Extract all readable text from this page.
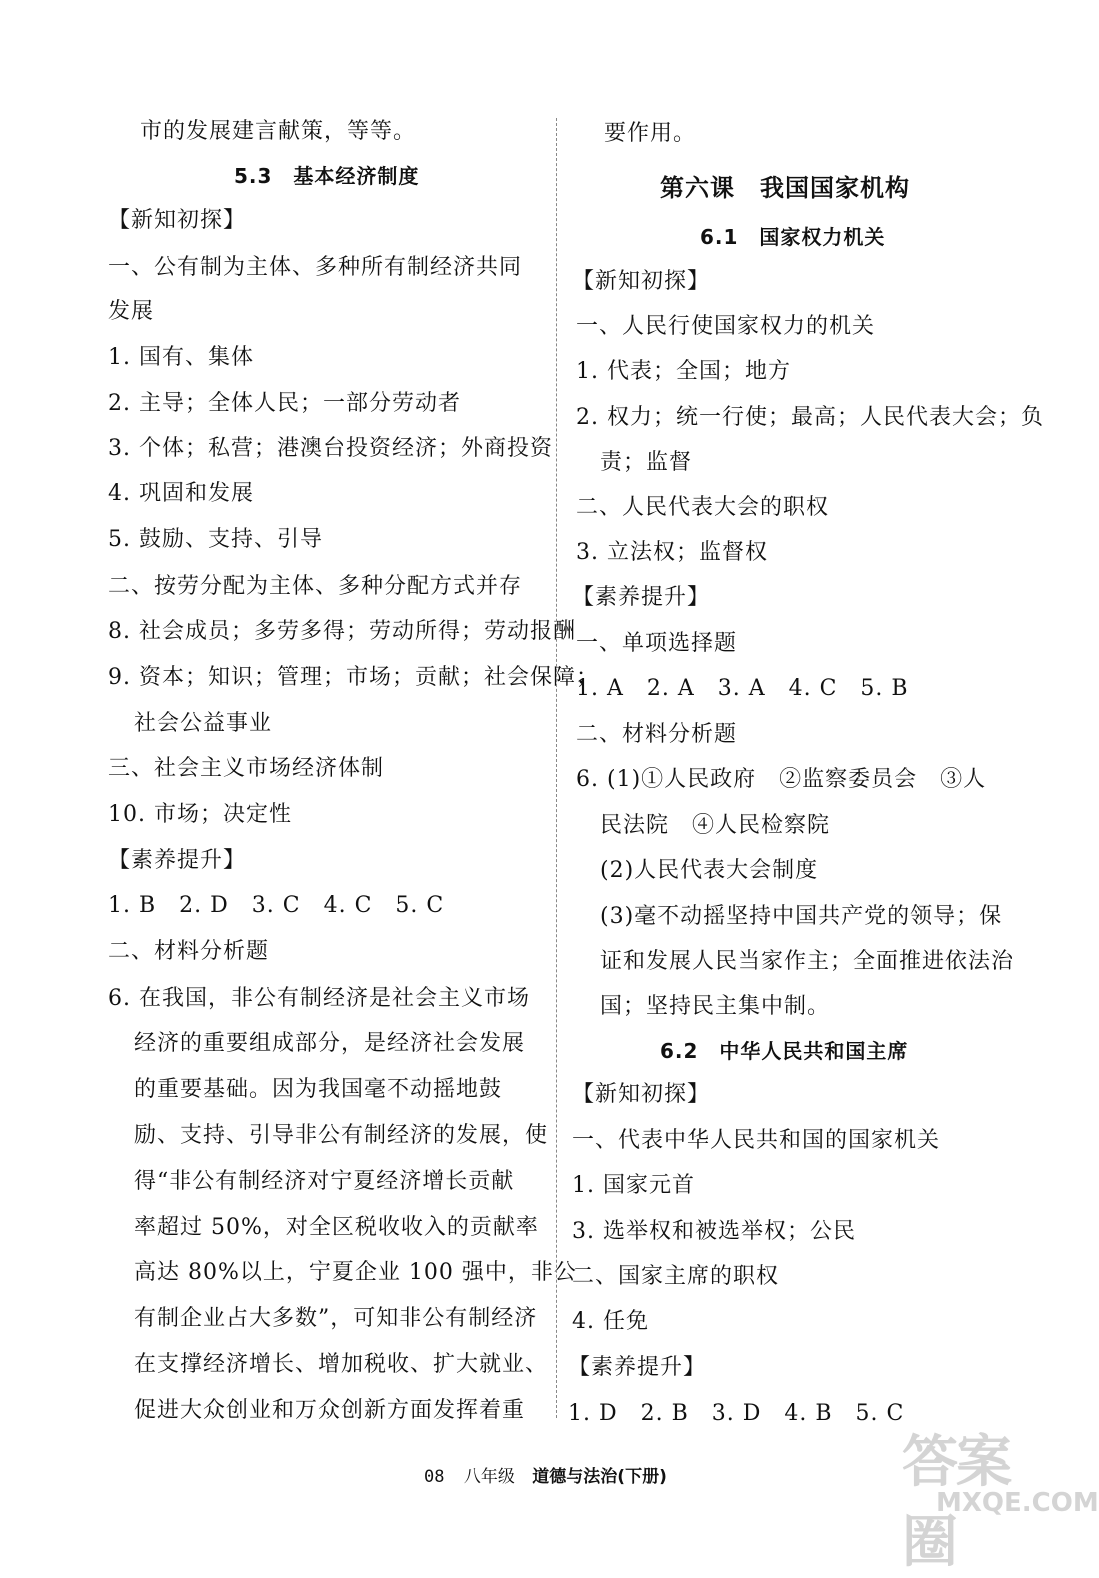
市的发展建言献策，等等。
5.3　基本经济制度
【新知初探】
一、公有制为主体、多种所有制经济共同
发展
1. 国有、集体
2. 主导；全体人民；一部分劳动者
3. 个体；私营；港澳台投资经济；外商投资
4. 巩固和发展
5. 鼓励、支持、引导
二、按劳分配为主体、多种分配方式并存
8. 社会成员；多劳多得；劳动所得；劳动报酬
9. 资本；知识；管理；市场；贡献；社会保障；
社会公益事业
三、社会主义市场经济体制
10. 市场；决定性
【素养提升】
1. B　2. D　3. C　4. C　5. C
二、材料分析题
6. 在我国，非公有制经济是社会主义市场
经济的重要组成部分，是经济社会发展
的重要基础。因为我国毫不动摇地鼓
励、支持、引导非公有制经济的发展，使
得“非公有制经济对宁夏经济增长贡献
率超过 50%，对全区税收收入的贡献率
高达 80%以上，宁夏企业 100 强中，非公
有制企业占大多数”，可知非公有制经济
在支撑经济增长、增加税收、扩大就业、
促进大众创业和万众创新方面发挥着重
要作用。
第六课　我国国家机构
6.1　国家权力机关
【新知初探】
一、人民行使国家权力的机关
1. 代表；全国；地方
2. 权力；统一行使；最高；人民代表大会；负
责；监督
二、人民代表大会的职权
3. 立法权；监督权
【素养提升】
一、单项选择题
1. A　2. A　3. A　4. C　5. B
二、材料分析题
6. (1)①人民政府　②监察委员会　③人
民法院　④人民检察院
(2)人民代表大会制度
(3)毫不动摇坚持中国共产党的领导；保
证和发展人民当家作主；全面推进依法治
国；坚持民主集中制。
6.2　中华人民共和国主席
【新知初探】
一、代表中华人民共和国的国家机关
1. 国家元首
3. 选举权和被选举权；公民
二、国家主席的职权
4. 任免
【素养提升】
1. D　2. B　3. D　4. B　5. C
08 八年级 道德与法治(下册)	答案圈
MXQE.COM
